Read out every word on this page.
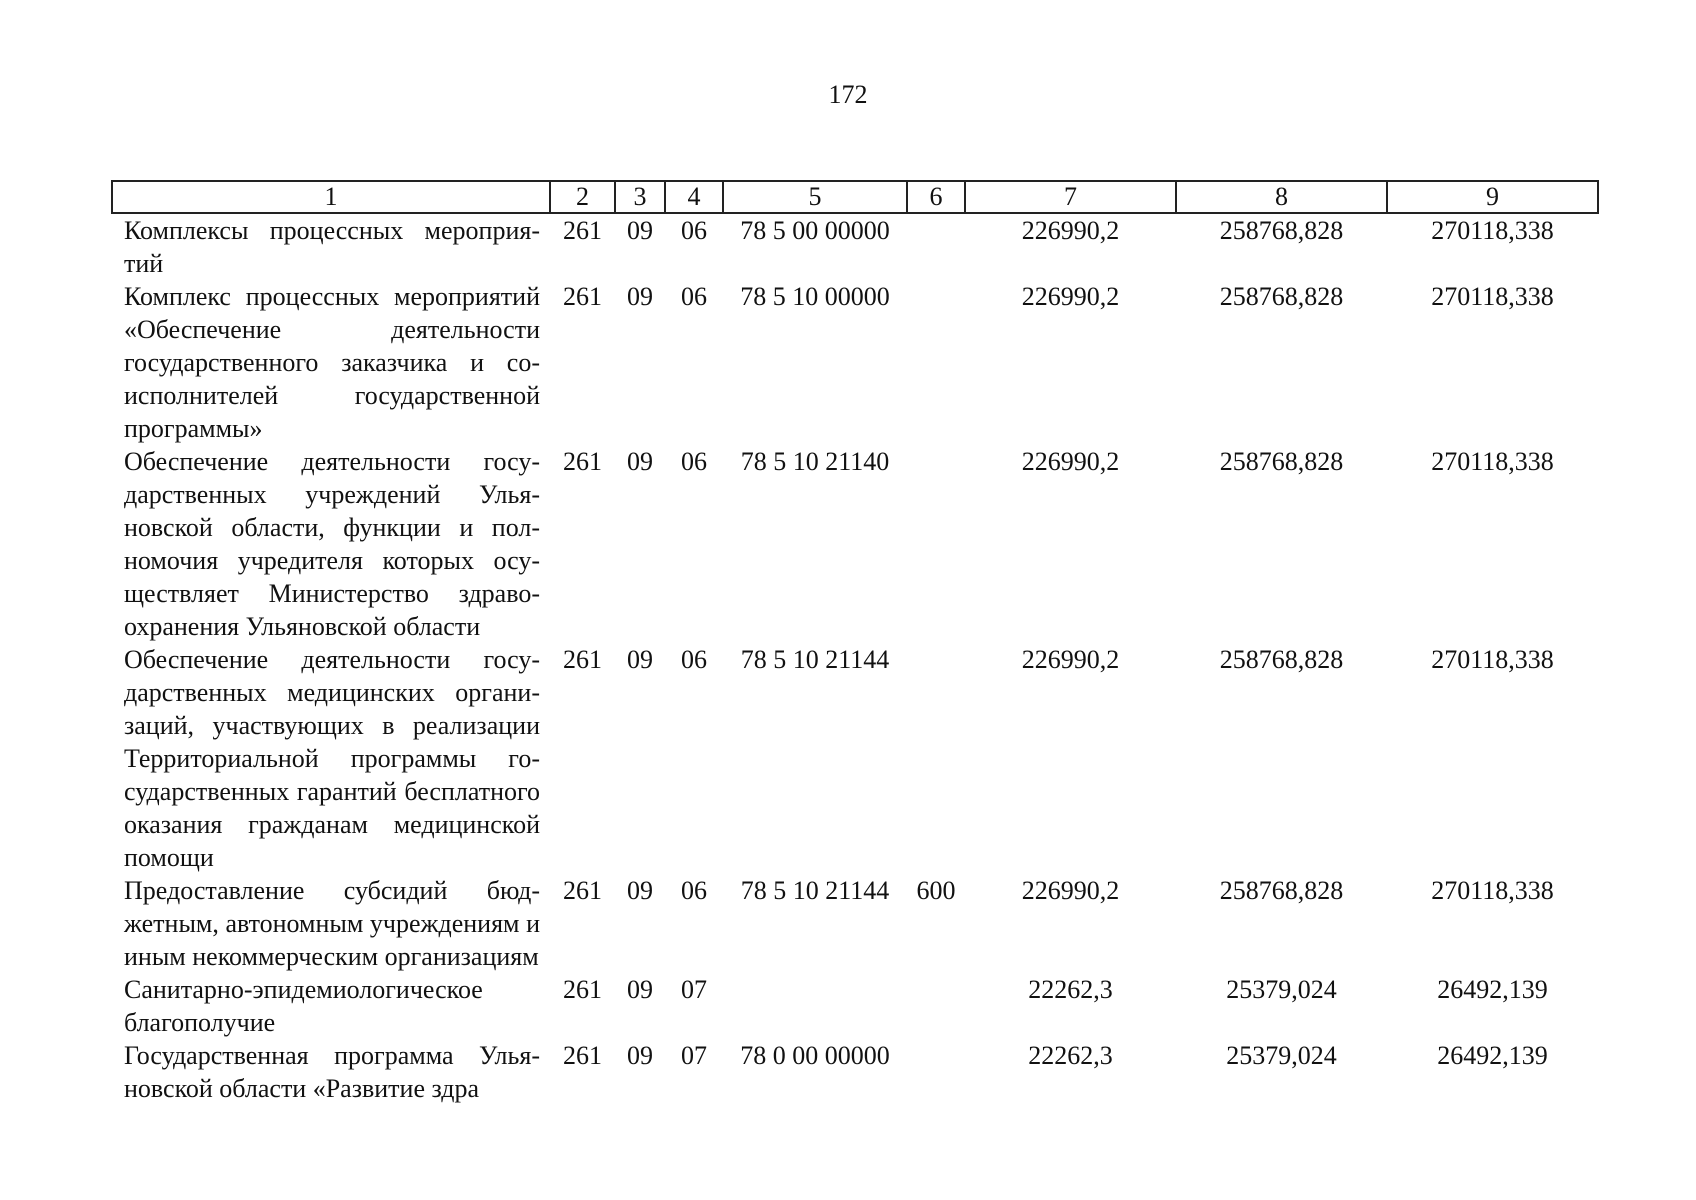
172
1	2	3	4	5	6	7	8	9
Комплексы процессных мероприятий	261	09	06	78 5 00 00000		226990,2	258768,828	270118,338
Комплекс процессных мероприятий «Обеспечение деятельности государственного заказчика и соисполнителей государственной программы»	261	09	06	78 5 10 00000		226990,2	258768,828	270118,338
Обеспечение деятельности государственных учреждений Ульяновской области, функции и полномочия учредителя которых осуществляет Министерство здравоохранения Ульяновской области	261	09	06	78 5 10 21140		226990,2	258768,828	270118,338
Обеспечение деятельности государственных медицинских организаций, участвующих в реализации Территориальной программы государственных гарантий бесплатного оказания гражданам медицинской помощи	261	09	06	78 5 10 21144		226990,2	258768,828	270118,338
Предоставление субсидий бюджетным, автономным учреждениям и иным некоммерческим организациям	261	09	06	78 5 10 21144	600	226990,2	258768,828	270118,338
Санитарно-эпидемиологическое благополучие	261	09	07			22262,3	25379,024	26492,139
Государственная программа Ульяновской области «Развитие здра	261	09	07	78 0 00 00000		22262,3	25379,024	26492,139
